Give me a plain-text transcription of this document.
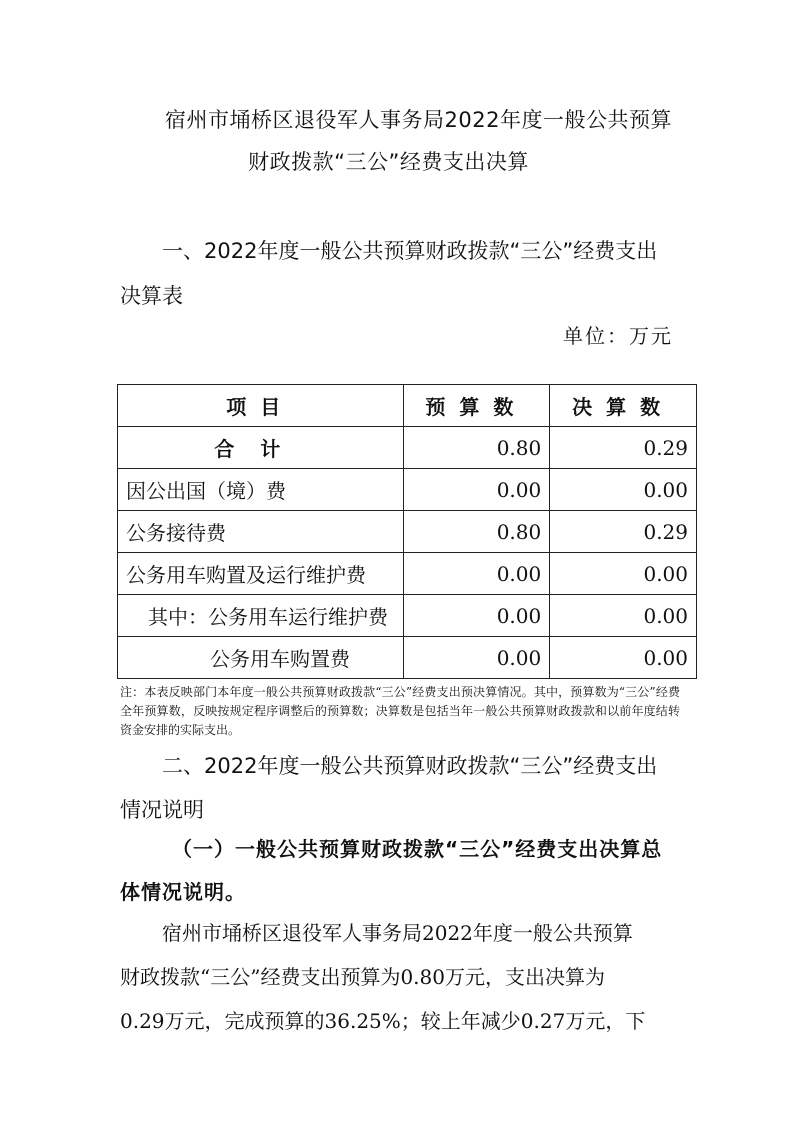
宿州市埇桥区退役军人事务局2022年度一般公共预算
财政拨款“三公”经费支出决算
一、2022年度一般公共预算财政拨款“三公”经费支出
决算表
单位：万元
项目	预算数	决算数
合计	0.80	0.29
因公出国（境）费	0.00	0.00
公务接待费	0.80	0.29
公务用车购置及运行维护费	0.00	0.00
其中：公务用车运行维护费	0.00	0.00
公务用车购置费	0.00	0.00
注：本表反映部门本年度一般公共预算财政拨款“三公”经费支出预决算情况。其中，预算数为“三公”经费全年预算数，反映按规定程序调整后的预算数；决算数是包括当年一般公共预算财政拨款和以前年度结转资金安排的实际支出。
二、2022年度一般公共预算财政拨款“三公”经费支出
情况说明
（一）一般公共预算财政拨款“三公”经费支出决算总
体情况说明。
宿州市埇桥区退役军人事务局2022年度一般公共预算
财政拨款“三公”经费支出预算为0.80万元，支出决算为
0.29万元，完成预算的36.25%；较上年减少0.27万元，下
